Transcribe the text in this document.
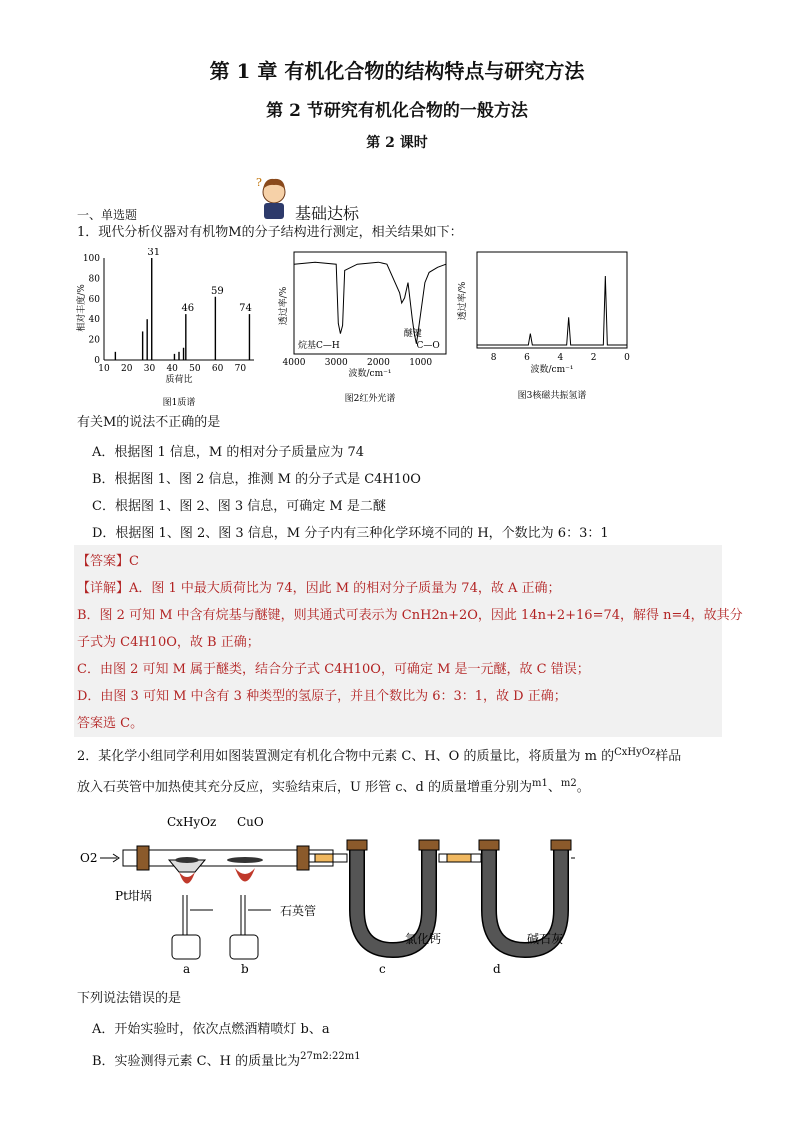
第 1 章 有机化合物的结构特点与研究方法
第 2 节研究有机化合物的一般方法
第 2 课时
一、单选题
?
基础达标
1．现代分析仪器对有机物M的分子结构进行测定，相关结果如下：
100
80
60
40
20
0
10 20 30 40 50 60 70
31
46
59
74
相对丰度/%
质荷比
图1质谱
4000 3000 2000 1000
烷基C—H
醚键
C—O
透过率/%
波数/cm⁻¹
图2红外光谱
8	6	4	2	0
透过率/%
波数/cm⁻¹
图3核磁共振氢谱
有关M的说法不正确的是
A．根据图 1 信息，M 的相对分子质量应为 74
B．根据图 1、图 2 信息，推测 M 的分子式是 C4H10O
C．根据图 1、图 2、图 3 信息，可确定 M 是二醚
D．根据图 1、图 2、图 3 信息，M 分子内有三种化学环境不同的 H，个数比为 6：3：1
【答案】C
【详解】A．图 1 中最大质荷比为 74，因此 M 的相对分子质量为 74，故 A 正确；
B．图 2 可知 M 中含有烷基与醚键，则其通式可表示为 CnH2n+2O，因此 14n+2+16=74，解得 n=4，故其分
子式为 C4H10O，故 B 正确；
C．由图 2 可知 M 属于醚类，结合分子式 C4H10O，可确定 M 是一元醚，故 C 错误；
D．由图 3 可知 M 中含有 3 种类型的氢原子，并且个数比为 6：3：1，故 D 正确；
答案选 C。
2．某化学小组同学利用如图装置测定有机化合物中元素 C、H、O 的质量比，将质量为 m 的$^{CxHyOz}$样品
放入石英管中加热使其充分反应，实验结束后，U 形管 c、d 的质量增重分别为$^{m1}$、$^{m2}$。
O2
Pt坩埚
石英管
CxHyOz CuO
氯化钙	碱石灰
a	b	c	d
下列说法错误的是
A．开始实验时，依次点燃酒精喷灯 b、a
B．实验测得元素 C、H 的质量比为$^{27m2:22m1}$
